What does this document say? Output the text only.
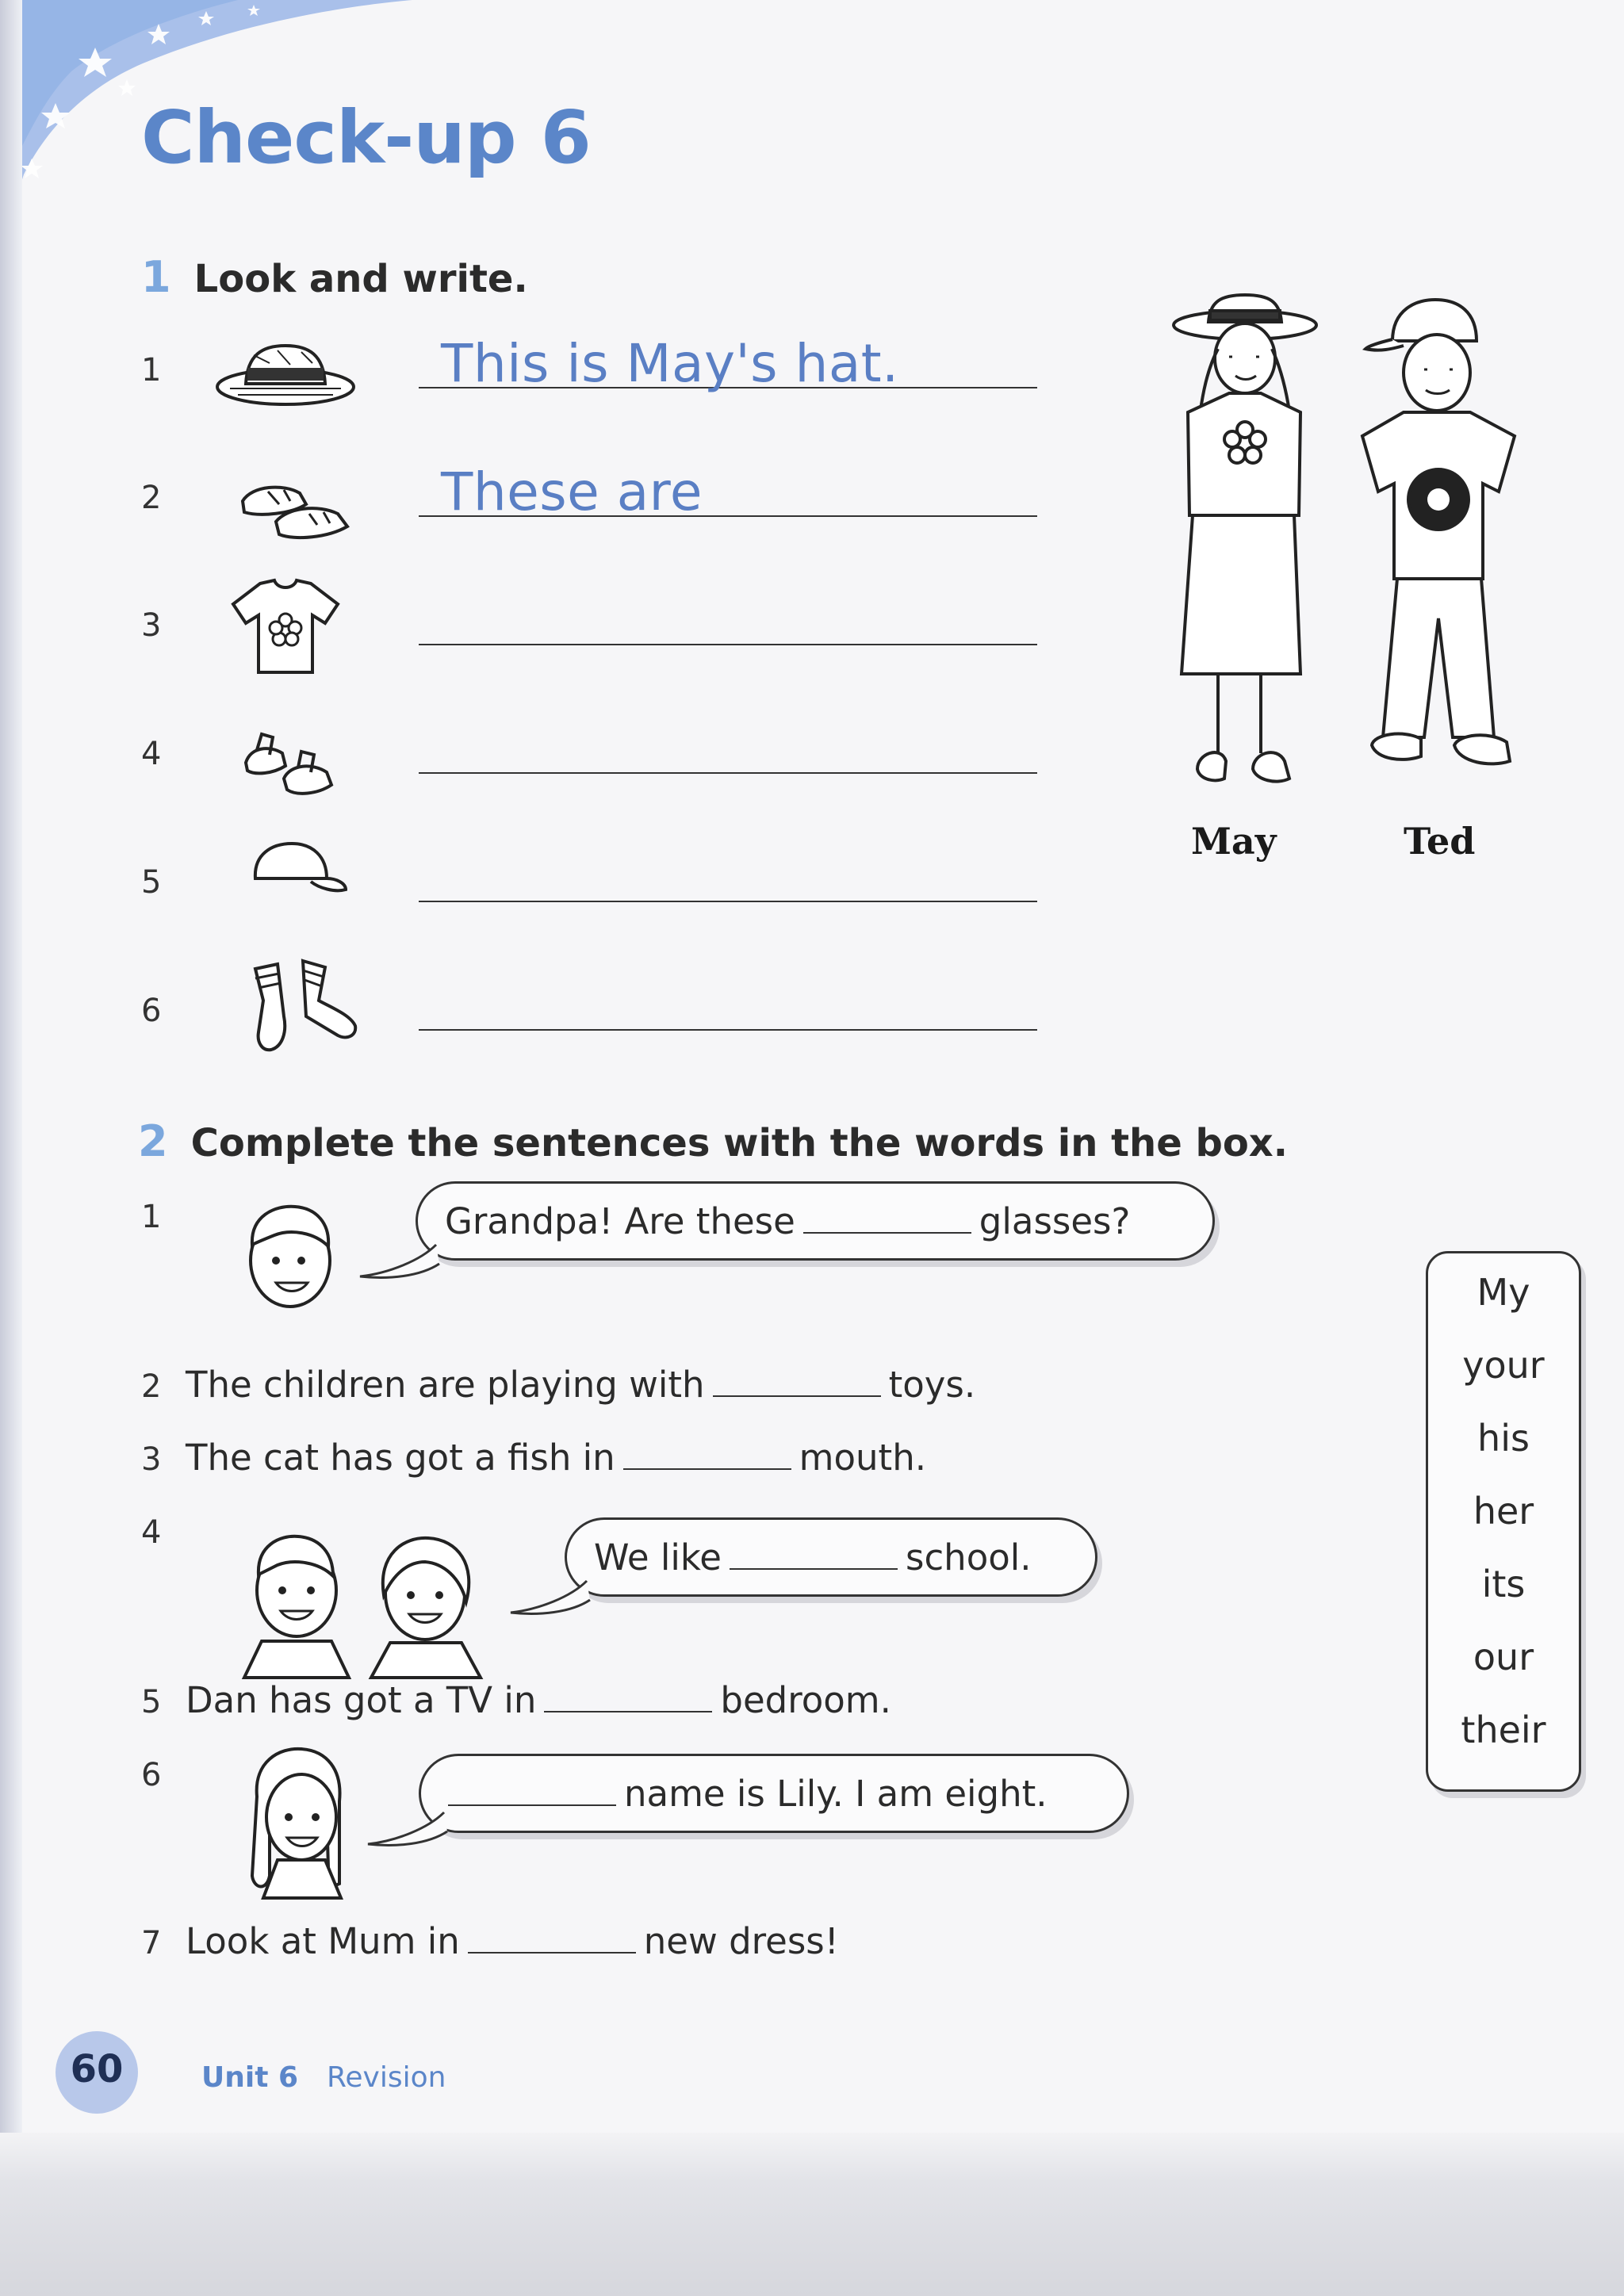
Check-up 6
1 Look and write.
1
2
3
4
5
6
This is May's hat.
These are
May	Ted
2 Complete the sentences with the words in the box.
1
2
3
4
5
6
7
Grandpa! Are these	glasses?
The children are playing with	toys.
The cat has got a fish in	mouth.
We like	school.
Dan has got a TV in	bedroom.
name is Lily. I am eight.
Look at Mum in	new dress!
My
your
his
her
its
our
their
60	Unit 6 Revision
